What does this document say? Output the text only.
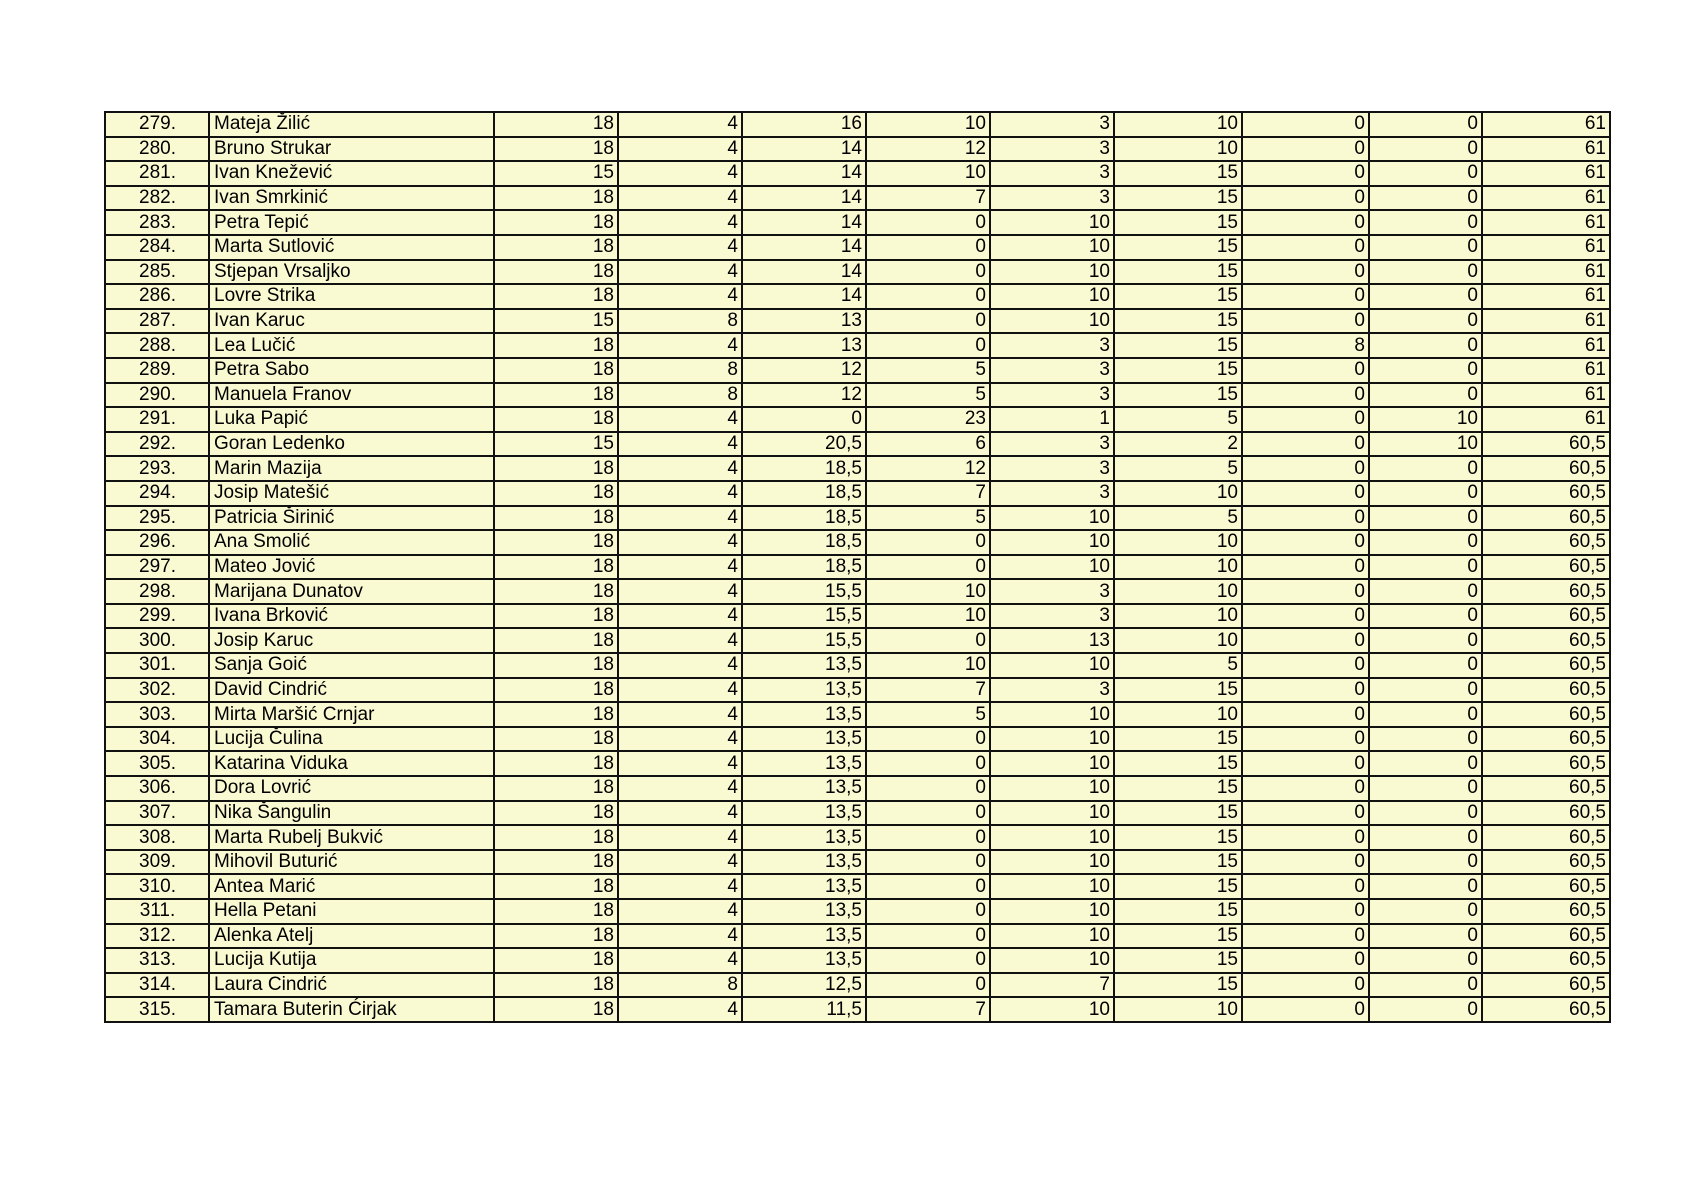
279.	Mateja Žilić	18	4	16	10	3	10	0	0	61
280.	Bruno Strukar	18	4	14	12	3	10	0	0	61
281.	Ivan Knežević	15	4	14	10	3	15	0	0	61
282.	Ivan Smrkinić	18	4	14	7	3	15	0	0	61
283.	Petra Tepić	18	4	14	0	10	15	0	0	61
284.	Marta Sutlović	18	4	14	0	10	15	0	0	61
285.	Stjepan Vrsaljko	18	4	14	0	10	15	0	0	61
286.	Lovre Strika	18	4	14	0	10	15	0	0	61
287.	Ivan Karuc	15	8	13	0	10	15	0	0	61
288.	Lea Lučić	18	4	13	0	3	15	8	0	61
289.	Petra Sabo	18	8	12	5	3	15	0	0	61
290.	Manuela Franov	18	8	12	5	3	15	0	0	61
291.	Luka Papić	18	4	0	23	1	5	0	10	61
292.	Goran Ledenko	15	4	20,5	6	3	2	0	10	60,5
293.	Marin Mazija	18	4	18,5	12	3	5	0	0	60,5
294.	Josip Matešić	18	4	18,5	7	3	10	0	0	60,5
295.	Patricia Širinić	18	4	18,5	5	10	5	0	0	60,5
296.	Ana Smolić	18	4	18,5	0	10	10	0	0	60,5
297.	Mateo Jović	18	4	18,5	0	10	10	0	0	60,5
298.	Marijana Dunatov	18	4	15,5	10	3	10	0	0	60,5
299.	Ivana Brković	18	4	15,5	10	3	10	0	0	60,5
300.	Josip Karuc	18	4	15,5	0	13	10	0	0	60,5
301.	Sanja Goić	18	4	13,5	10	10	5	0	0	60,5
302.	David Cindrić	18	4	13,5	7	3	15	0	0	60,5
303.	Mirta Maršić Crnjar	18	4	13,5	5	10	10	0	0	60,5
304.	Lucija Čulina	18	4	13,5	0	10	15	0	0	60,5
305.	Katarina Viduka	18	4	13,5	0	10	15	0	0	60,5
306.	Dora Lovrić	18	4	13,5	0	10	15	0	0	60,5
307.	Nika Šangulin	18	4	13,5	0	10	15	0	0	60,5
308.	Marta Rubelj Bukvić	18	4	13,5	0	10	15	0	0	60,5
309.	Mihovil Buturić	18	4	13,5	0	10	15	0	0	60,5
310.	Antea Marić	18	4	13,5	0	10	15	0	0	60,5
311.	Hella Petani	18	4	13,5	0	10	15	0	0	60,5
312.	Alenka Atelj	18	4	13,5	0	10	15	0	0	60,5
313.	Lucija Kutija	18	4	13,5	0	10	15	0	0	60,5
314.	Laura Cindrić	18	8	12,5	0	7	15	0	0	60,5
315.	Tamara Buterin Ćirjak	18	4	11,5	7	10	10	0	0	60,5
